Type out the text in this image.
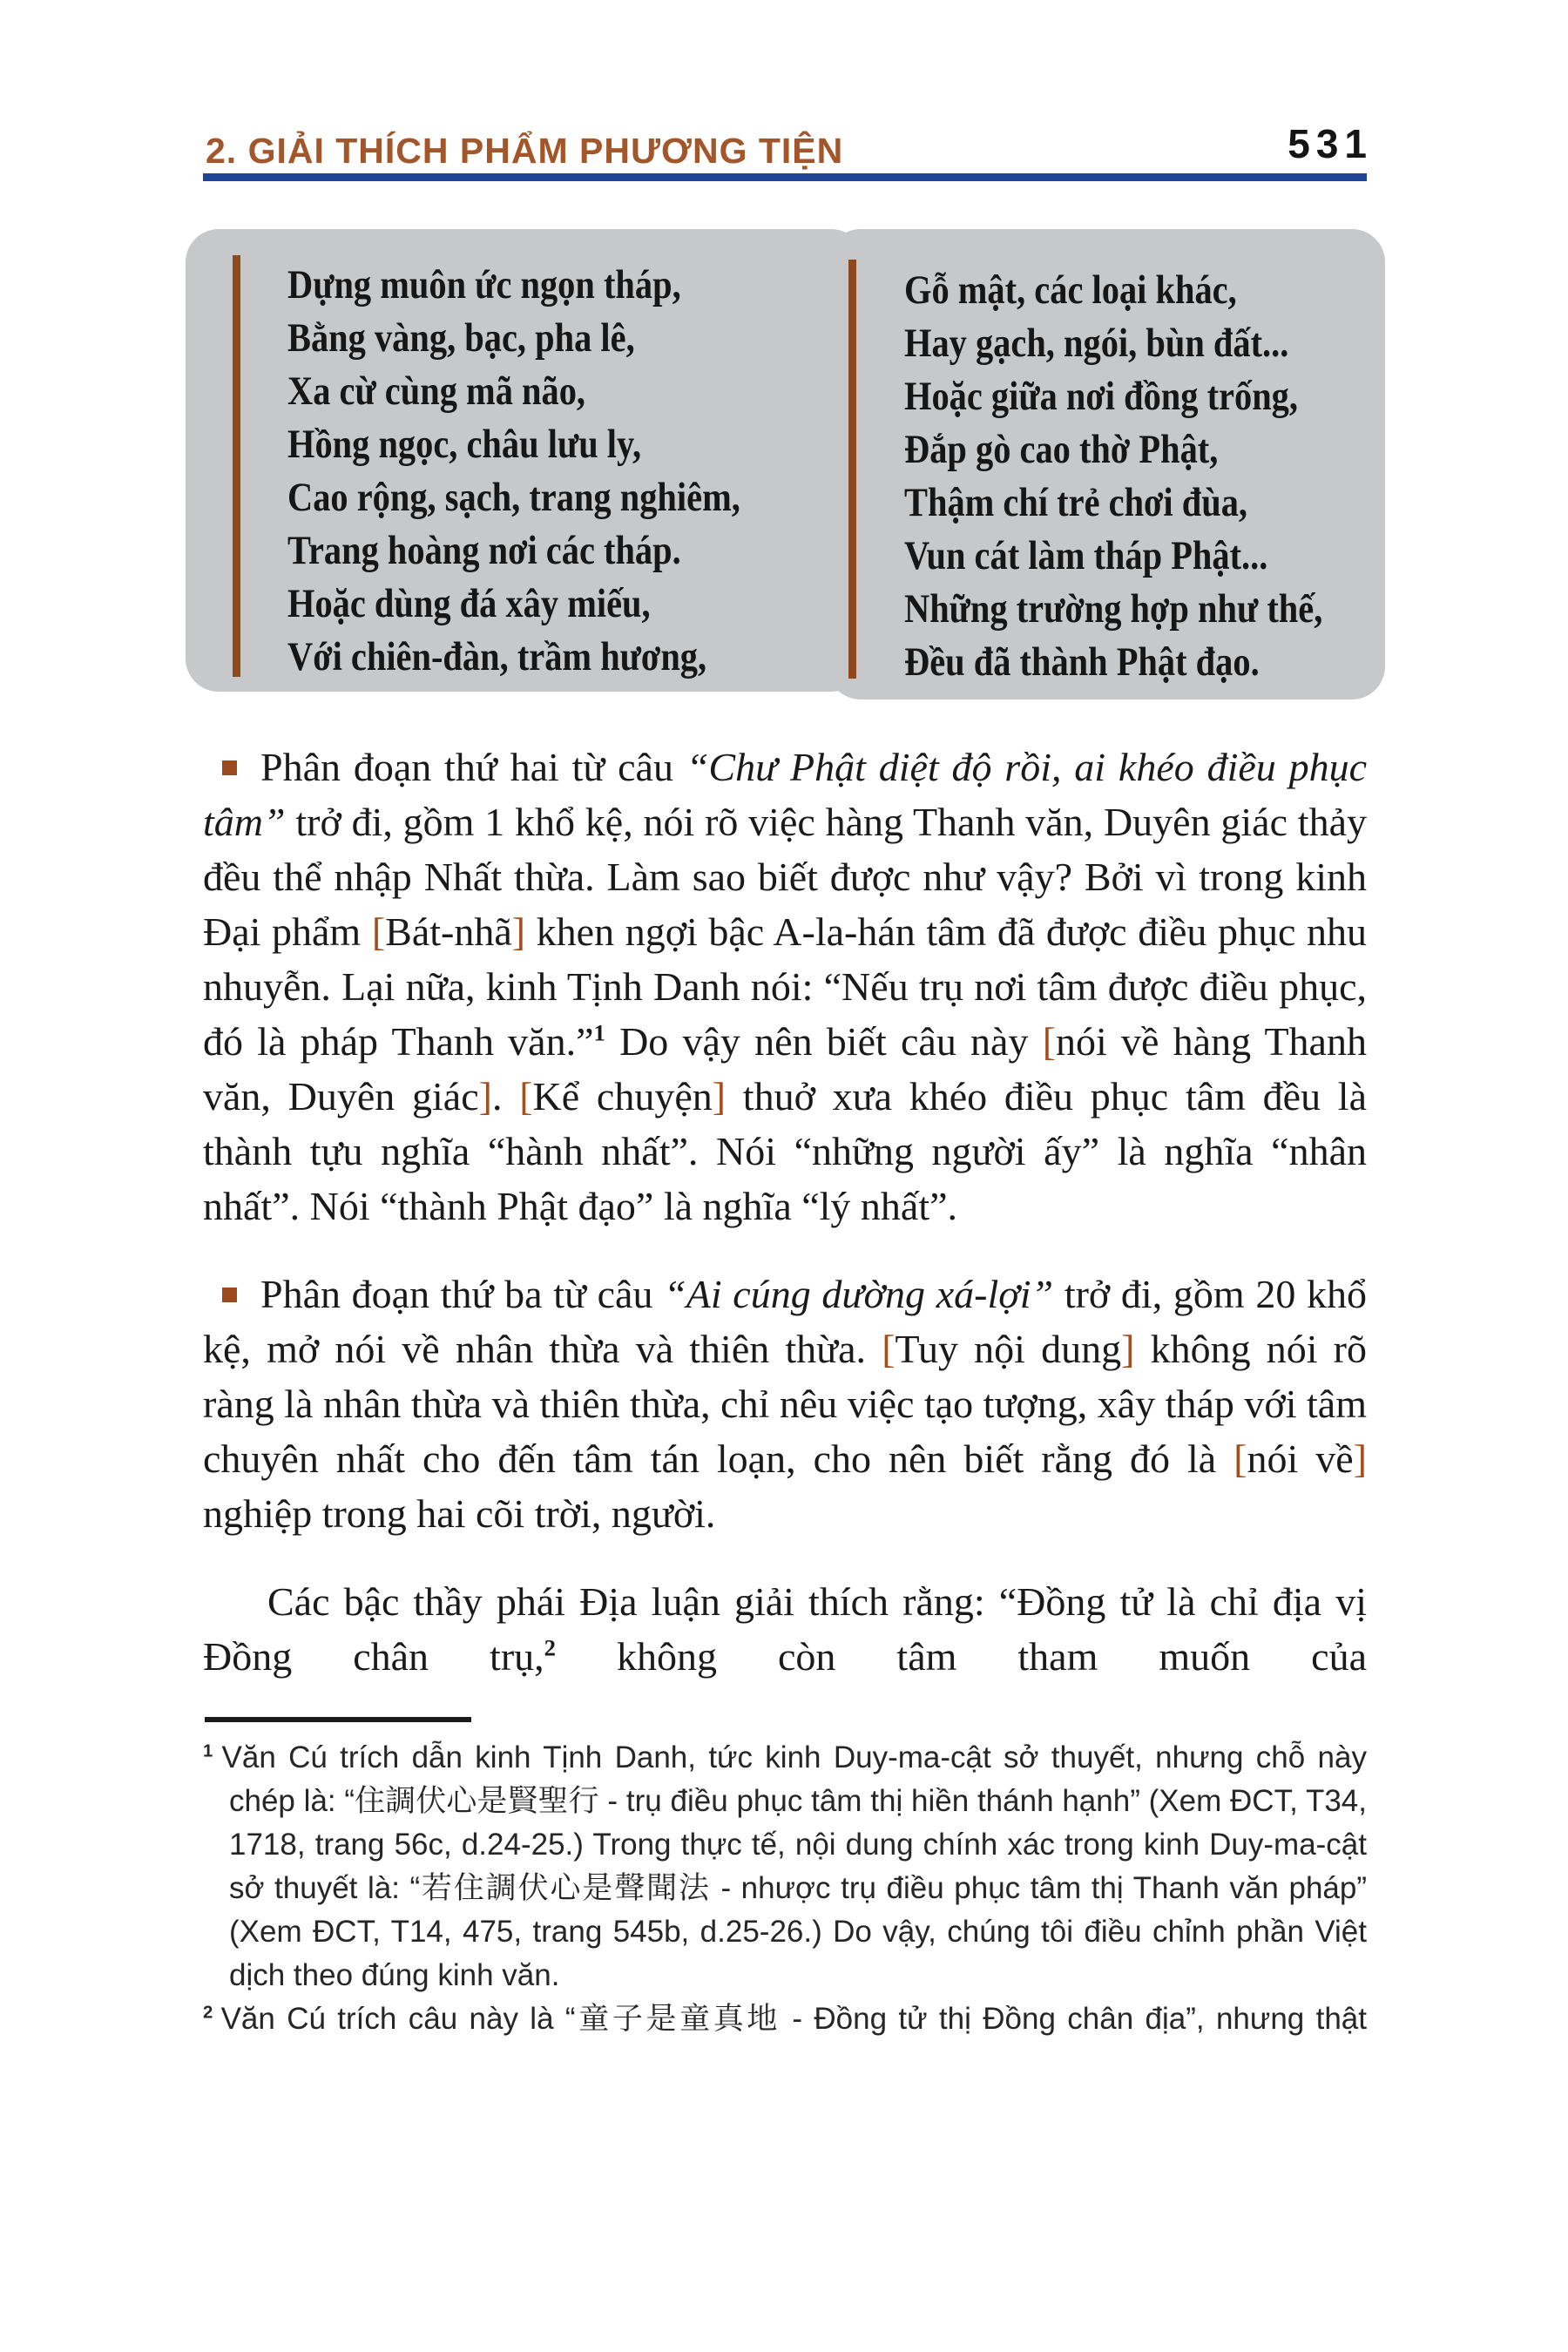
2. GIẢI THÍCH PHẨM PHƯƠNG TIỆN	531
Dựng muôn ức ngọn tháp,
Bằng vàng, bạc, pha lê,
Xa cừ cùng mã não,
Hồng ngọc, châu lưu ly,
Cao rộng, sạch, trang nghiêm,
Trang hoàng nơi các tháp.
Hoặc dùng đá xây miếu,
Với chiên-đàn, trầm hương,
Gỗ mật, các loại khác,
Hay gạch, ngói, bùn đất...
Hoặc giữa nơi đồng trống,
Đắp gò cao thờ Phật,
Thậm chí trẻ chơi đùa,
Vun cát làm tháp Phật...
Những trường hợp như thế,
Đều đã thành Phật đạo.

Phân đoạn thứ hai từ câu “Chư Phật diệt độ rồi, ai khéo điều phục tâm” trở đi, gồm 1 khổ kệ, nói rõ việc hàng Thanh văn, Duyên giác thảy đều thể nhập Nhất thừa. Làm sao biết được như vậy? Bởi vì trong kinh Đại phẩm [Bát-nhã] khen ngợi bậc A-la-hán tâm đã được điều phục nhu nhuyễn. Lại nữa, kinh Tịnh Danh nói: “Nếu trụ nơi tâm được điều phục, đó là pháp Thanh văn.”$^1$ Do vậy nên biết câu này [nói về hàng Thanh văn, Duyên giác]. [Kể chuyện] thuở xưa khéo điều phục tâm đều là thành tựu nghĩa “hành nhất”. Nói “những người ấy” là nghĩa “nhân nhất”. Nói “thành Phật đạo” là nghĩa “lý nhất”.

Phân đoạn thứ ba từ câu “Ai cúng dường xá-lợi” trở đi, gồm 20 khổ kệ, mở nói về nhân thừa và thiên thừa. [Tuy nội dung] không nói rõ ràng là nhân thừa và thiên thừa, chỉ nêu việc tạo tượng, xây tháp với tâm chuyên nhất cho đến tâm tán loạn, cho nên biết rằng đó là [nói về] nghiệp trong hai cõi trời, người.

Các bậc thầy phái Địa luận giải thích rằng: “Đồng tử là chỉ địa vị Đồng chân trụ,$^2$ không còn tâm tham muốn của

$^1$ Văn Cú trích dẫn kinh Tịnh Danh, tức kinh Duy-ma-cật sở thuyết, nhưng chỗ này chép là: “住調伏心是賢聖行 - trụ điều phục tâm thị hiền thánh hạnh” (Xem ĐCT, T34, 1718, trang 56c, d.24-25.) Trong thực tế, nội dung chính xác trong kinh Duy-ma-cật sở thuyết là: “若住調伏心是聲聞法 - nhược trụ điều phục tâm thị Thanh văn pháp” (Xem ĐCT, T14, 475, trang 545b, d.25-26.) Do vậy, chúng tôi điều chỉnh phần Việt dịch theo đúng kinh văn.

$^2$ Văn Cú trích câu này là “童子是童真地 - Đồng tử thị Đồng chân địa”, nhưng thật
